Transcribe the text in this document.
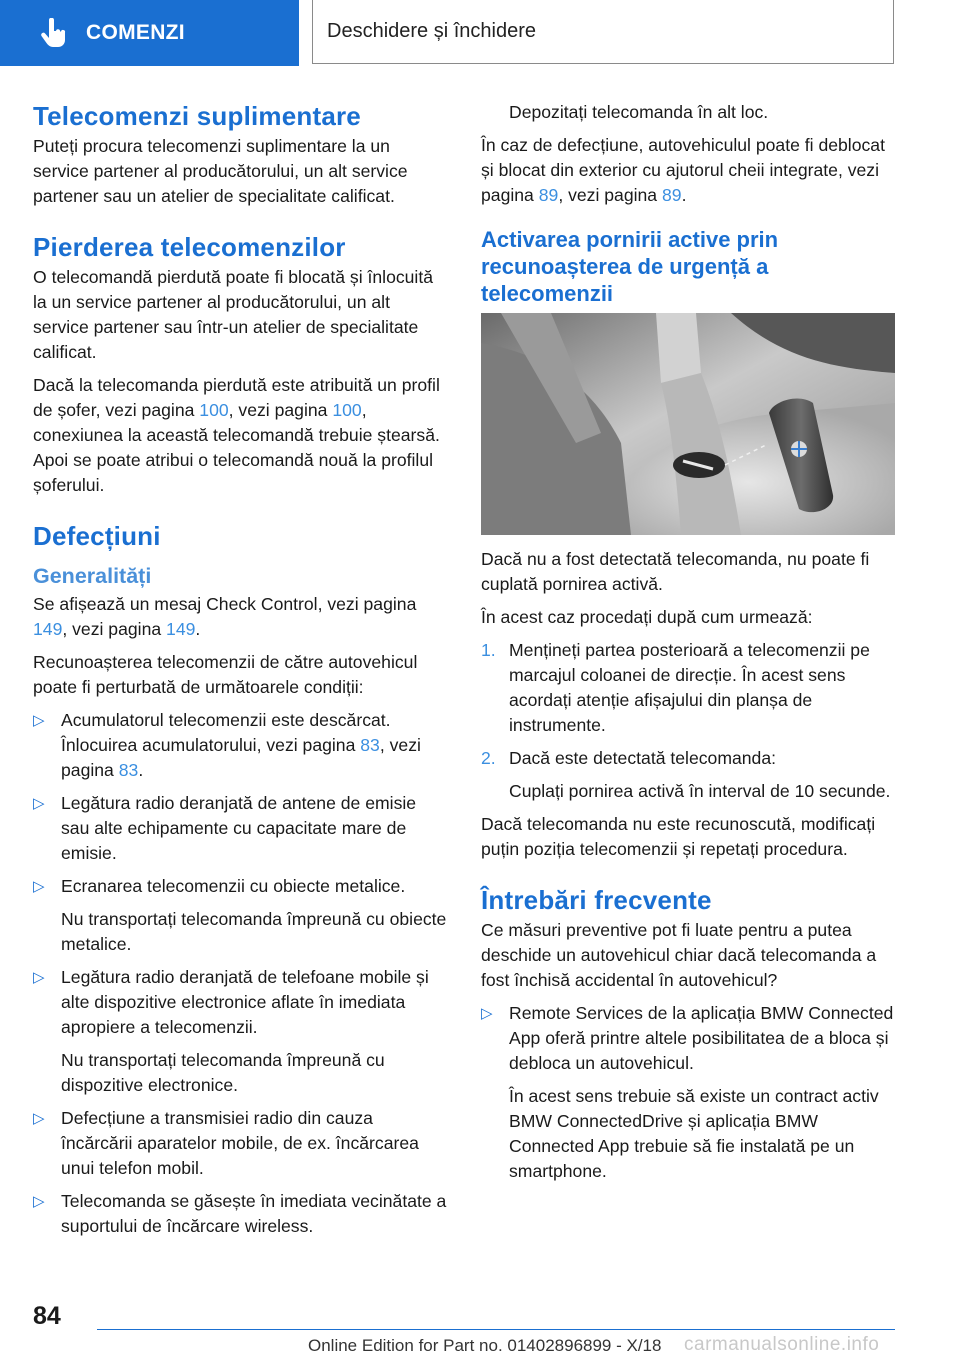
COMENZI	Deschidere și închidere
Telecomenzi suplimentare

Puteți procura telecomenzi suplimentare la un service partener al producătorului, un alt service partener sau un atelier de specialitate calificat.

Pierderea telecomenzilor

O telecomandă pierdută poate fi blocată și înlocuită la un service partener al producătorului, un alt service partener sau într-un atelier de specialitate calificat.

Dacă la telecomanda pierdută este atribuită un profil de șofer, vezi pagina 100, vezi pagina 100, conexiunea la această telecomandă trebuie ștearsă. Apoi se poate atribui o telecomandă nouă la profilul șoferului.

Defecțiuni
Generalități

Se afișează un mesaj Check Control, vezi pagina 149, vezi pagina 149.

Recunoașterea telecomenzii de către autovehicul poate fi perturbată de următoarele condiții:

▷ Acumulatorul telecomenzii este descărcat. Înlocuirea acumulatorului, vezi pagina 83, vezi pagina 83.

▷ Legătura radio deranjată de antene de emisie sau alte echipamente cu capacitate mare de emisie.

▷ Ecranarea telecomenzii cu obiecte metalice.

Nu transportați telecomanda împreună cu obiecte metalice.

▷ Legătura radio deranjată de telefoane mobile și alte dispozitive electronice aflate în imediata apropiere a telecomenzii.

Nu transportați telecomanda împreună cu dispozitive electronice.

▷ Defecțiune a transmisiei radio din cauza încărcării aparatelor mobile, de ex. încărcarea unui telefon mobil.

▷ Telecomanda se găsește în imediata vecinătate a suportului de încărcare wireless.

Depozitați telecomanda în alt loc.

În caz de defecțiune, autovehiculul poate fi deblocat și blocat din exterior cu ajutorul cheii integrate, vezi pagina 89, vezi pagina 89.

Activarea pornirii active prin recunoașterea de urgență a telecomenzii

Dacă nu a fost detectată telecomanda, nu poate fi cuplată pornirea activă.

În acest caz procedați după cum urmează:

1. Mențineți partea posterioară a telecomenzii pe marcajul coloanei de direcție. În acest sens acordați atenție afișajului din planșa de instrumente.

2. Dacă este detectată telecomanda:

Cuplați pornirea activă în interval de 10 secunde.

Dacă telecomanda nu este recunoscută, modificați puțin poziția telecomenzii și repetați procedura.

Întrebări frecvente

Ce măsuri preventive pot fi luate pentru a putea deschide un autovehicul chiar dacă telecomanda a fost închisă accidental în autovehicul?

▷ Remote Services de la aplicația BMW Connected App oferă printre altele posibilitatea de a bloca și debloca un autovehicul.

În acest sens trebuie să existe un contract activ BMW ConnectedDrive și aplicația BMW Connected App trebuie să fie instalată pe un smartphone.

84
Online Edition for Part no. 01402896899 - X/18 carmanualsonline.info
